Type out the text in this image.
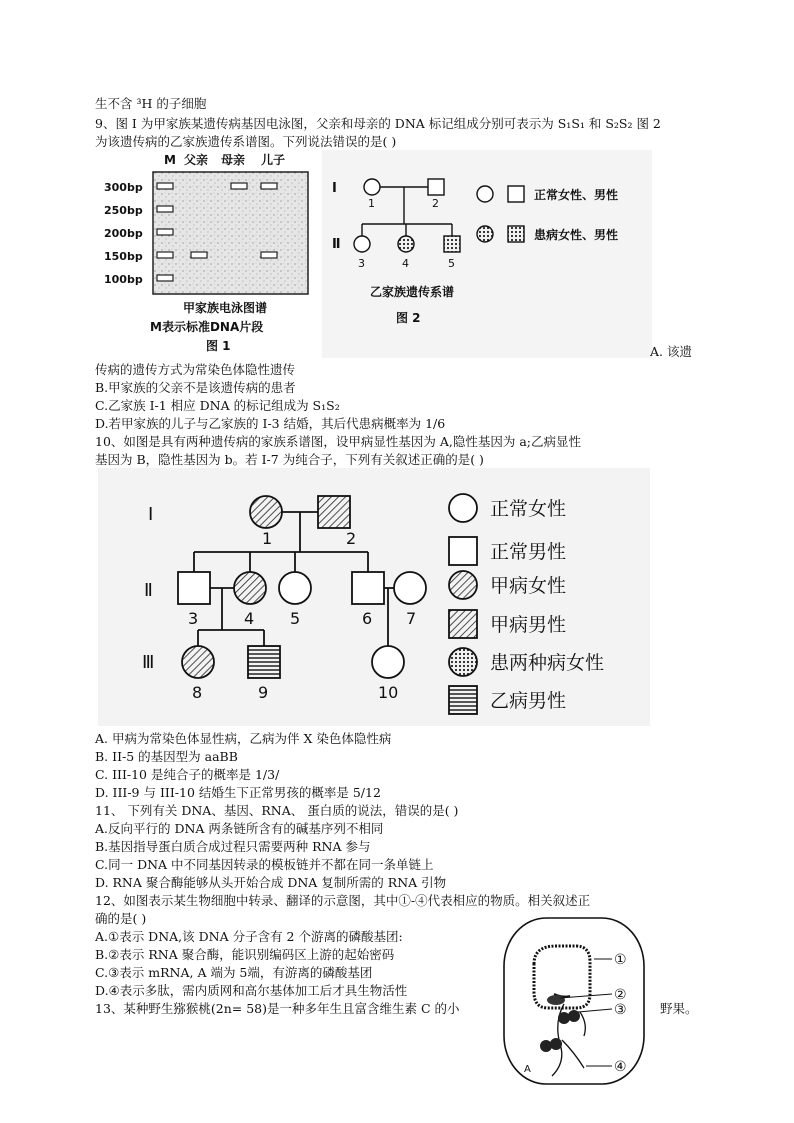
生不含 ³H 的子细胞
9、图 I 为甲家族某遗传病基因电泳图，父亲和母亲的 DNA 标记组成分别可表示为 S₁S₁ 和 S₂S₂ 图 2
为该遗传病的乙家族遗传系谱图。下列说法错误的是( )
M 父亲 母亲 儿子
300bp
250bp
200bp
150bp
100bp
甲家族电泳图谱
M表示标准DNA片段
图 1
I
Ⅱ
1	2
3	4	5
正常女性、男性
患病女性、男性
乙家族遗传系谱
图 2
A. 该遗
传病的遗传方式为常染色体隐性遗传
B.甲家族的父亲不是该遗传病的患者
C.乙家族 I-1 相应 DNA 的标记组成为 S₁S₂
D.若甲家族的儿子与乙家族的 I-3 结婚，其后代患病概率为 1/6
10、如图是具有两种遗传病的家族系谱图，设甲病显性基因为 A,隐性基因为 a;乙病显性
基因为 B，隐性基因为 b。若 I-7 为纯合子，下列有关叙述正确的是( )
Ⅰ
Ⅱ
Ⅲ
1	2
3	4 5	6 7
8	9	10
正常女性
正常男性
甲病女性
甲病男性
患两种病女性
乙病男性
A. 甲病为常染色体显性病，乙病为伴 X 染色体隐性病
B. II-5 的基因型为 aaBB
C. III-10 是纯合子的概率是 1/3/
D. III-9 与 III-10 结婚生下正常男孩的概率是 5/12
11、 下列有关 DNA、基因、RNA、 蛋白质的说法，错误的是( )
A.反向平行的 DNA 两条链所含有的碱基序列不相同
B.基因指导蛋白质合成过程只需要两种 RNA 参与
C.同一 DNA 中不同基因转录的模板链并不都在同一条单链上
D. RNA 聚合酶能够从头开始合成 DNA 复制所需的 RNA 引物
12、如图表示某生物细胞中转录、翻译的示意图，其中①-④代表相应的物质。相关叙述正
确的是( )
A.①表示 DNA,该 DNA 分子含有 2 个游离的磷酸基团:
B.②表示 RNA 聚合酶，能识别编码区上游的起始密码
C.③表示 mRNA, A 端为 5端，有游离的磷酸基团
D.④表示多肽，需内质网和高尔基体加工后才具生物活性
13、某种野生猕猴桃(2n= 58)是一种多年生且富含维生素 C 的小	野果。
A
①
②
③
④
